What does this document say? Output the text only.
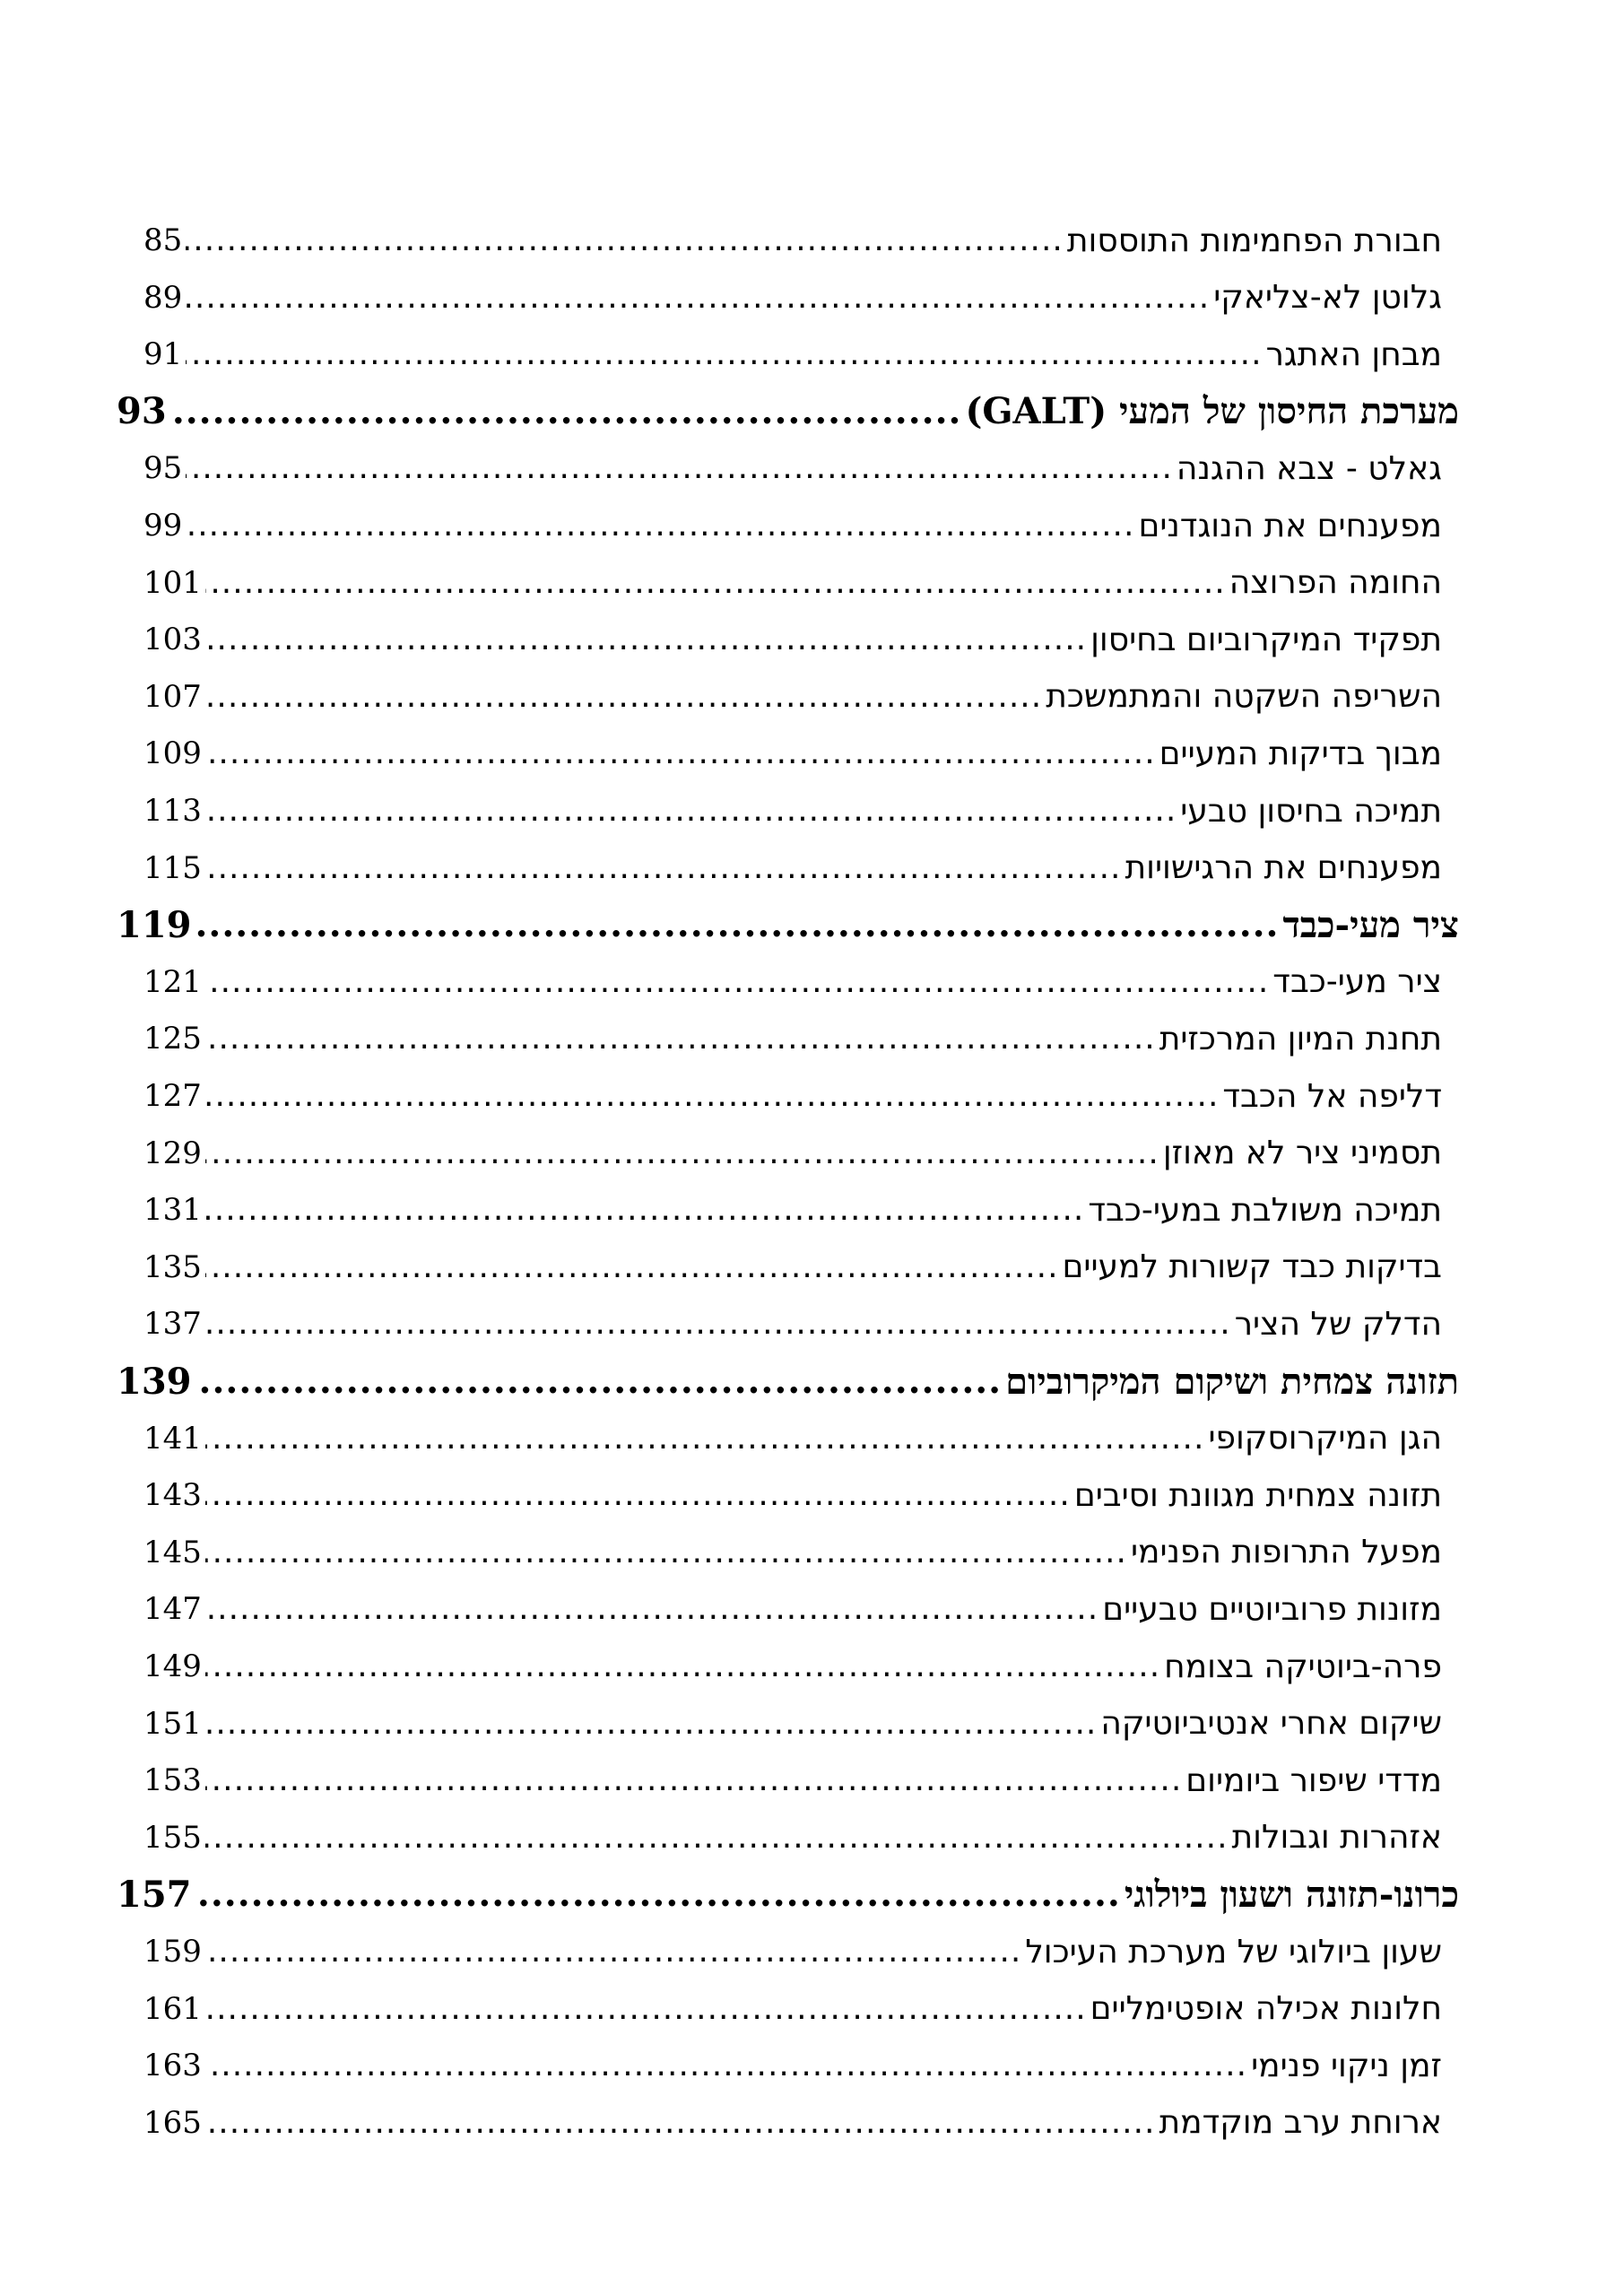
חבורת הפחמימות התוססות
.....
85
גלוטן לא-צליאקי
.....
89
מבחן האתגר
.....
91
מערכת החיסון של המעי (GALT)
.....
93
גאלט - צבא ההגנה
.....
95
מפענחים את הנוגדנים
.....
99
החומה הפרוצה
.....
101
תפקיד המיקרוביום בחיסון
.....
103
השריפה השקטה והמתמשכת
.....
107
מבוך בדיקות המעיים
.....
109
תמיכה בחיסון טבעי
.....
113
מפענחים את הרגישויות
.....
115
ציר מעי-כבד
.....
119
ציר מעי-כבד
.....
121
תחנת המיון המרכזית
.....
125
דליפה אל הכבד
.....
127
תסמיני ציר לא מאוזן
.....
129
תמיכה משולבת במעי-כבד
.....
131
בדיקות כבד קשורות למעיים
.....
135
הדלק של הציר
.....
137
תזונה צמחית ושיקום המיקרוביום
.....
139
הגן המיקרוסקופי
.....
141
תזונה צמחית מגוונת וסיבים
.....
143
מפעל התרופות הפנימי
.....
145
מזונות פרוביוטיים טבעיים
.....
147
פרה-ביוטיקה בצומח
.....
149
שיקום אחרי אנטיביוטיקה
.....
151
מדדי שיפור ביומיום
.....
153
אזהרות וגבולות
.....
155
כרונו-תזונה ושעון ביולוגי
.....
157
שעון ביולוגי של מערכת העיכול
.....
159
חלונות אכילה אופטימליים
.....
161
זמן ניקוי פנימי
.....
163
ארוחת ערב מוקדמת
.....
165
